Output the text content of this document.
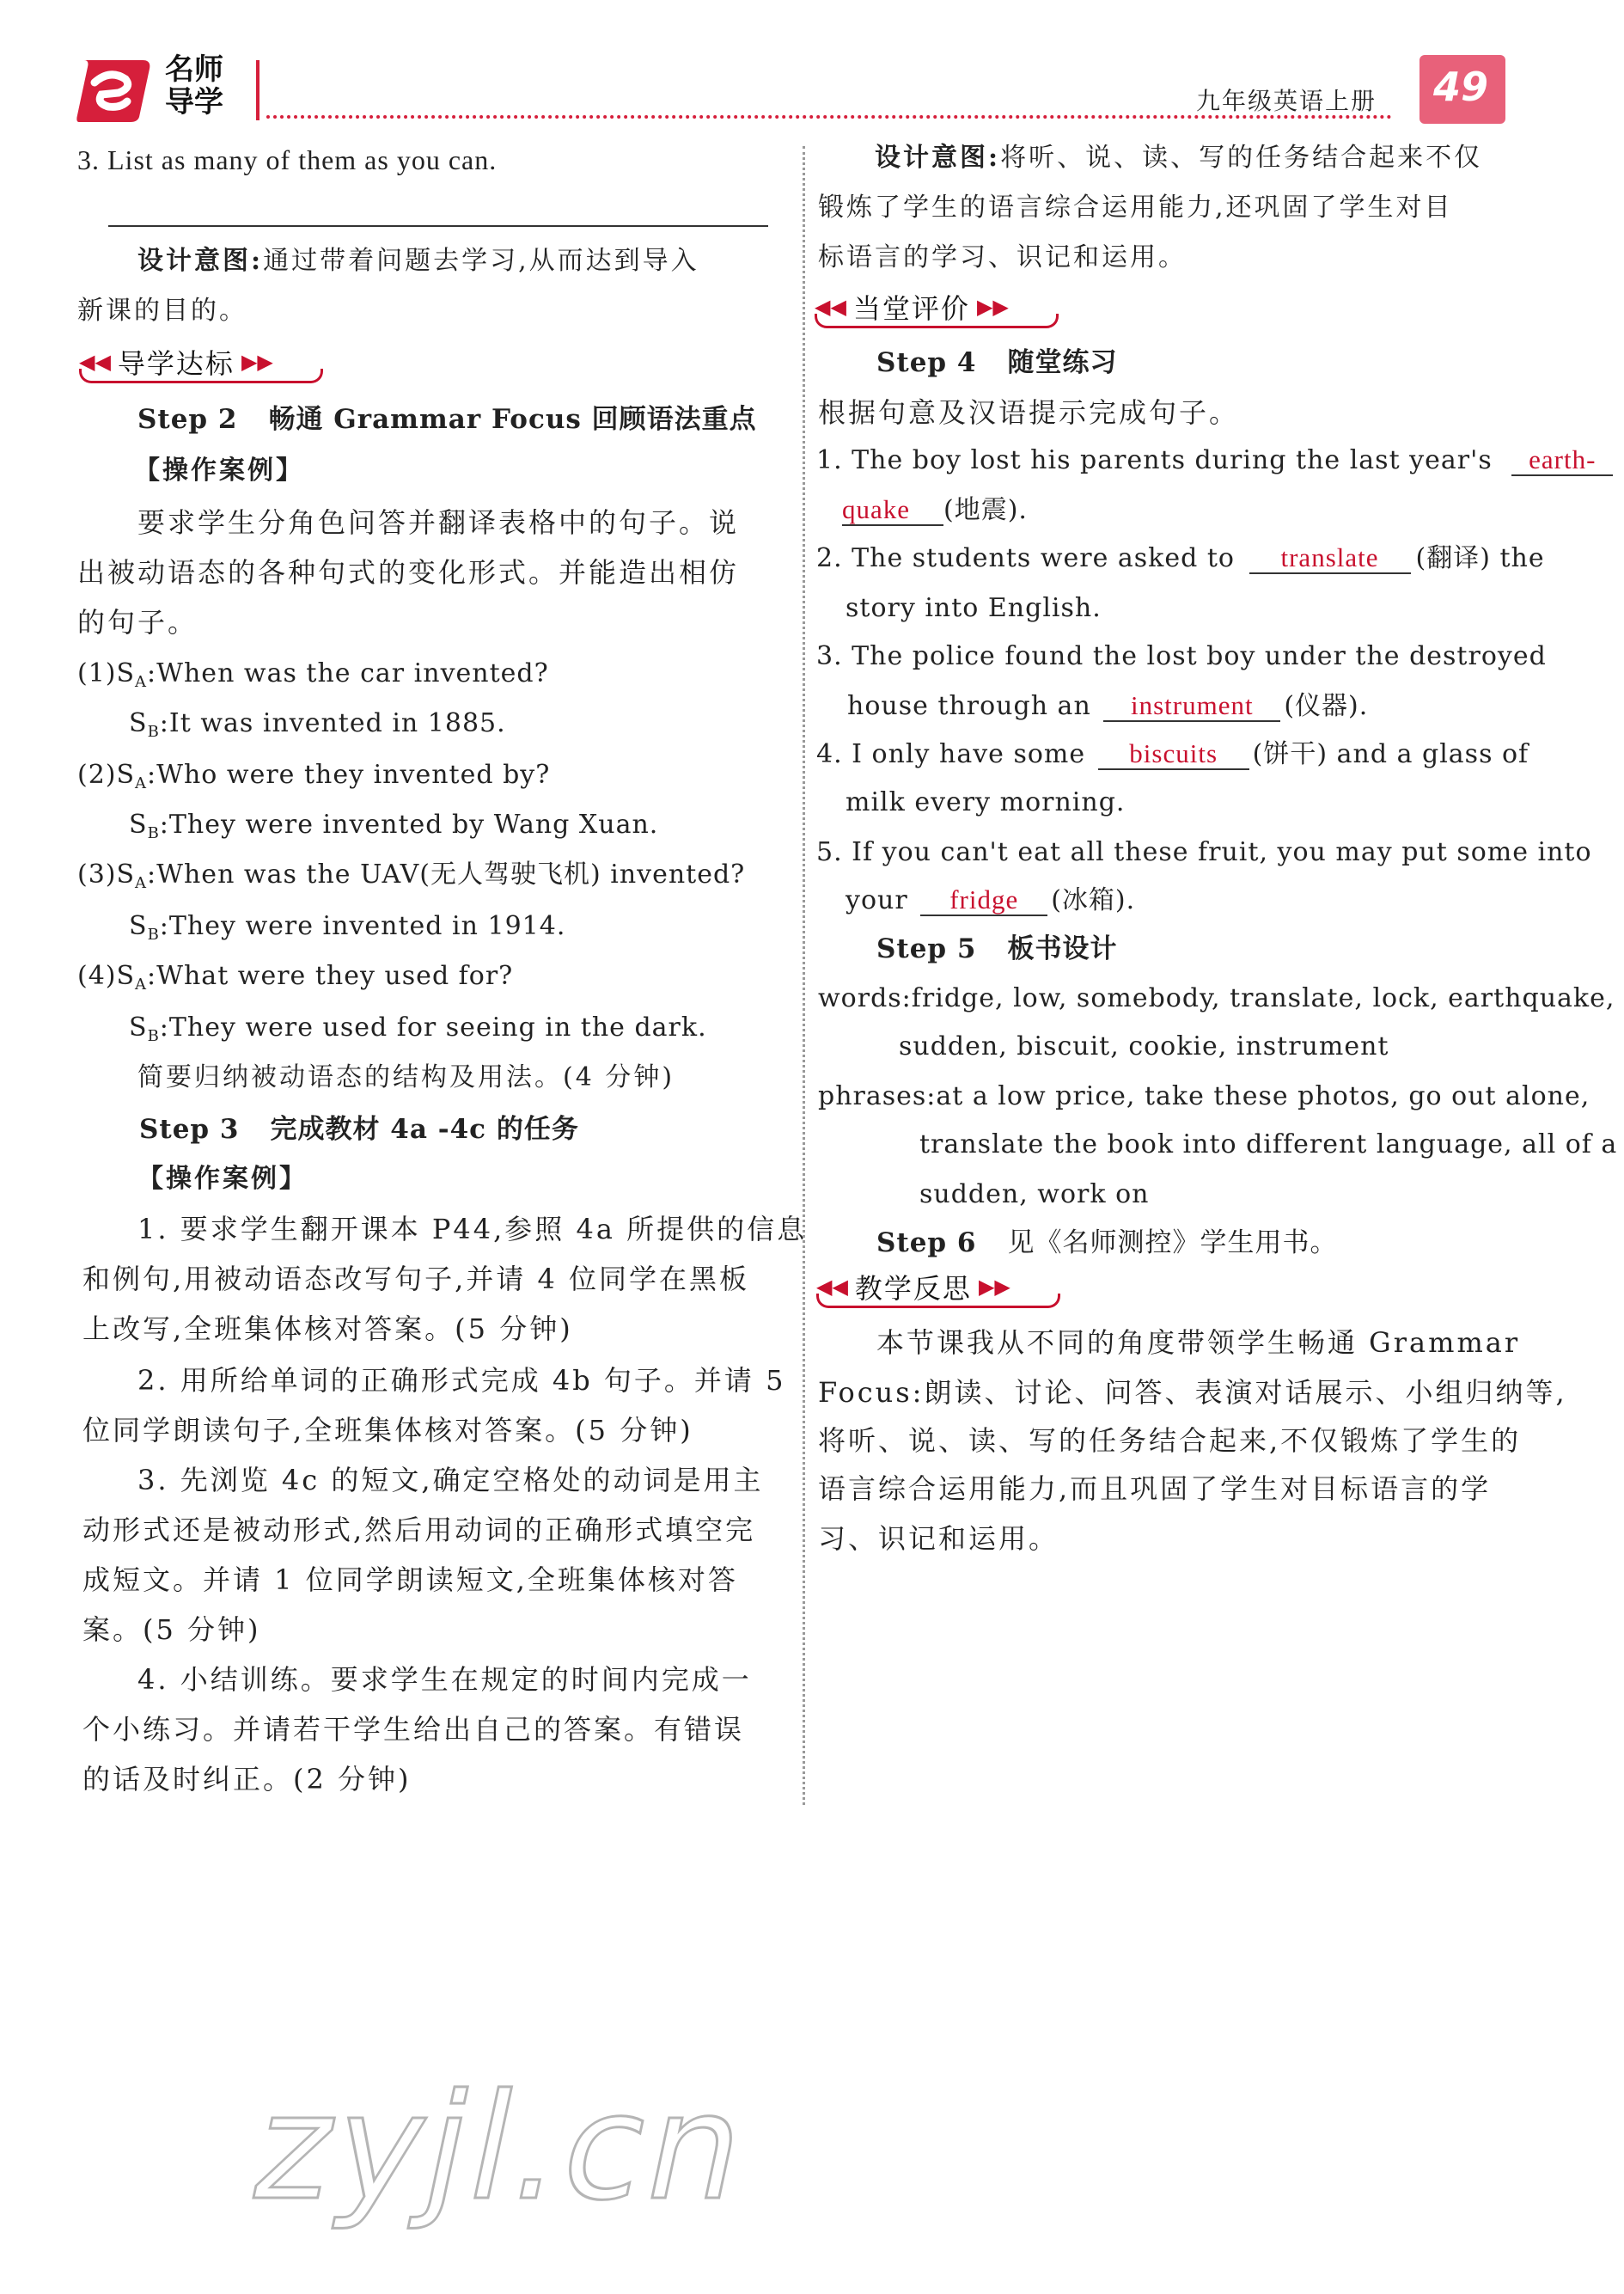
名师
导学	九年级英语上册 49
3. List as many of them as you can.
设计意图:通过带着问题去学习,从而达到导入
新课的目的。
◀◀ 导学达标 ▶▶
Step 2 畅通 Grammar Focus 回顾语法重点
【操作案例】
要求学生分角色问答并翻译表格中的句子。说
出被动语态的各种句式的变化形式。并能造出相仿
的句子。
$(1)S_A:When$ was the car invented?
$S_B:It$ was invented in 1885.
$(2)S_A:Who$ were they invented by?
$S_B:They$ were invented by Wang Xuan.
$(3)S_A:When$ was the UAV(无人驾驶飞机) invented?
$S_B:They$ were invented in 1914.
$(4)S_A:What$ were they used for?
$S_B:They$ were used for seeing in the dark.
简要归纳被动语态的结构及用法。(4 分钟)
Step 3 完成教材 4a -4c 的任务
【操作案例】
1. 要求学生翻开课本 P44,参照 4a 所提供的信息
和例句,用被动语态改写句子,并请 4 位同学在黑板
上改写,全班集体核对答案。(5 分钟)
2. 用所给单词的正确形式完成 4b 句子。并请 5
位同学朗读句子,全班集体核对答案。(5 分钟)
3. 先浏览 4c 的短文,确定空格处的动词是用主
动形式还是被动形式,然后用动词的正确形式填空完
成短文。并请 1 位同学朗读短文,全班集体核对答
案。(5 分钟)
4. 小结训练。要求学生在规定的时间内完成一
个小练习。并请若干学生给出自己的答案。有错误
的话及时纠正。(2 分钟)
设计意图:将听、说、读、写的任务结合起来不仅
锻炼了学生的语言综合运用能力,还巩固了学生对目
标语言的学习、识记和运用。
◀◀ 当堂评价 ▶▶
Step 4 随堂练习
根据句意及汉语提示完成句子。
1. The boy lost his parents during the last year's earth-
quake (地震).
2. The students were asked to translate (翻译) the
story into English.
3. The police found the lost boy under the destroyed
house through an instrument (仪器).
4. I only have some biscuits (饼干) and a glass of
milk every morning.
5. If you can't eat all these fruit, you may put some into
your fridge (冰箱).
Step 5 板书设计
words:fridge, low, somebody, translate, lock, earthquake,
sudden, biscuit, cookie, instrument
phrases:at a low price, take these photos, go out alone,
translate the book into different language, all of a
sudden, work on
Step 6 见《名师测控》学生用书。
◀◀ 教学反思 ▶▶
本节课我从不同的角度带领学生畅通 Grammar
Focus:朗读、讨论、问答、表演对话展示、小组归纳等,
将听、说、读、写的任务结合起来,不仅锻炼了学生的
语言综合运用能力,而且巩固了学生对目标语言的学
习、识记和运用。
zyjl.cn
